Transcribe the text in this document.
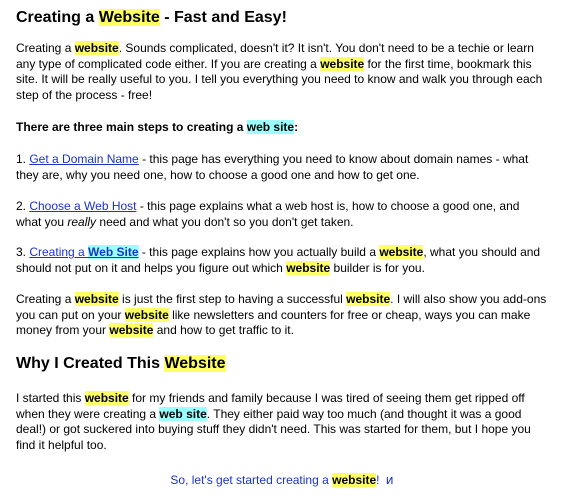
Creating a Website - Fast and Easy!

Creating a website. Sounds complicated, doesn't it? It isn't. You don't need to be a techie or learn any type of complicated code either. If you are creating a website for the first time, bookmark this site. It will be really useful to you. I tell you everything you need to know and walk you through each step of the process - free!

There are three main steps to creating a web site:

1. Get a Domain Name - this page has everything you need to know about domain names - what they are, why you need one, how to choose a good one and how to get one.

2. Choose a Web Host - this page explains what a web host is, how to choose a good one, and what you really need and what you don't so you don't get taken.

3. Creating a Web Site - this page explains how you actually build a website, what you should and should not put on it and helps you figure out which website builder is for you.

Creating a website is just the first step to having a successful website. I will also show you add-ons you can put on your website like newsletters and counters for free or cheap, ways you can make money from your website and how to get traffic to it.

Why I Created This Website

I started this website for my friends and family because I was tired of seeing them get ripped off when they were creating a web site. They either paid way too much (and thought it was a good deal!) or got suckered into buying stuff they didn't need. This was started for them, but I hope you find it helpful too.

So, let's get started creating a website! и
